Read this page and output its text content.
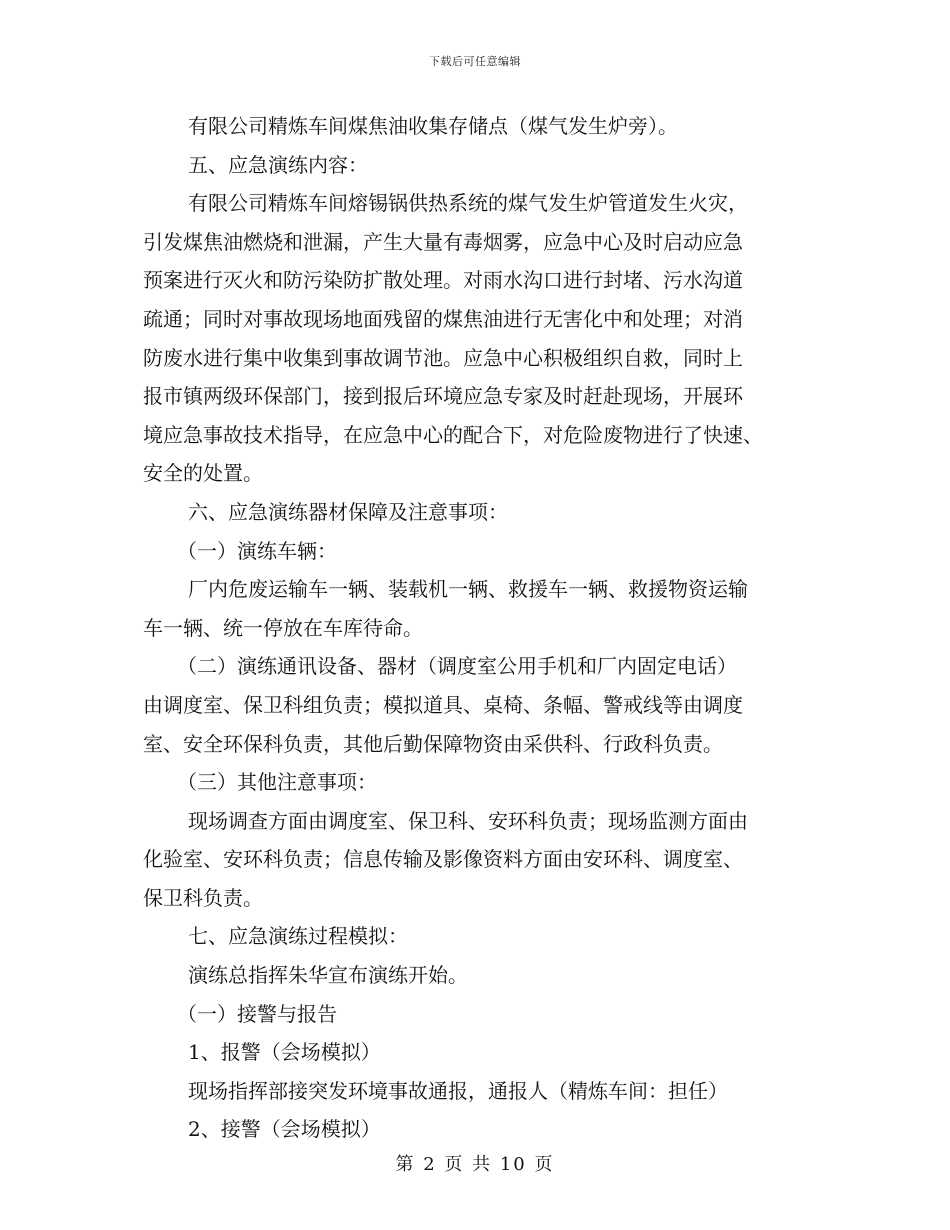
下载后可任意编辑
有限公司精炼车间煤焦油收集存储点（煤气发生炉旁）。
五、应急演练内容：
有限公司精炼车间熔锡锅供热系统的煤气发生炉管道发生火灾，
引发煤焦油燃烧和泄漏，产生大量有毒烟雾，应急中心及时启动应急
预案进行灭火和防污染防扩散处理。对雨水沟口进行封堵、污水沟道
疏通；同时对事故现场地面残留的煤焦油进行无害化中和处理；对消
防废水进行集中收集到事故调节池。应急中心积极组织自救，同时上
报市镇两级环保部门，接到报后环境应急专家及时赶赴现场，开展环
境应急事故技术指导，在应急中心的配合下，对危险废物进行了快速、
安全的处置。
六、应急演练器材保障及注意事项：
（一）演练车辆：
厂内危废运输车一辆、装载机一辆、救援车一辆、救援物资运输
车一辆、统一停放在车库待命。
（二）演练通讯设备、器材（调度室公用手机和厂内固定电话）
由调度室、保卫科组负责；模拟道具、桌椅、条幅、警戒线等由调度
室、安全环保科负责，其他后勤保障物资由采供科、行政科负责。
（三）其他注意事项：
现场调查方面由调度室、保卫科、安环科负责；现场监测方面由
化验室、安环科负责；信息传输及影像资料方面由安环科、调度室、
保卫科负责。
七、应急演练过程模拟：
演练总指挥朱华宣布演练开始。
（一）接警与报告
1、报警（会场模拟）
现场指挥部接突发环境事故通报，通报人（精炼车间：担任）
2、接警（会场模拟）
第 2 页 共 10 页
